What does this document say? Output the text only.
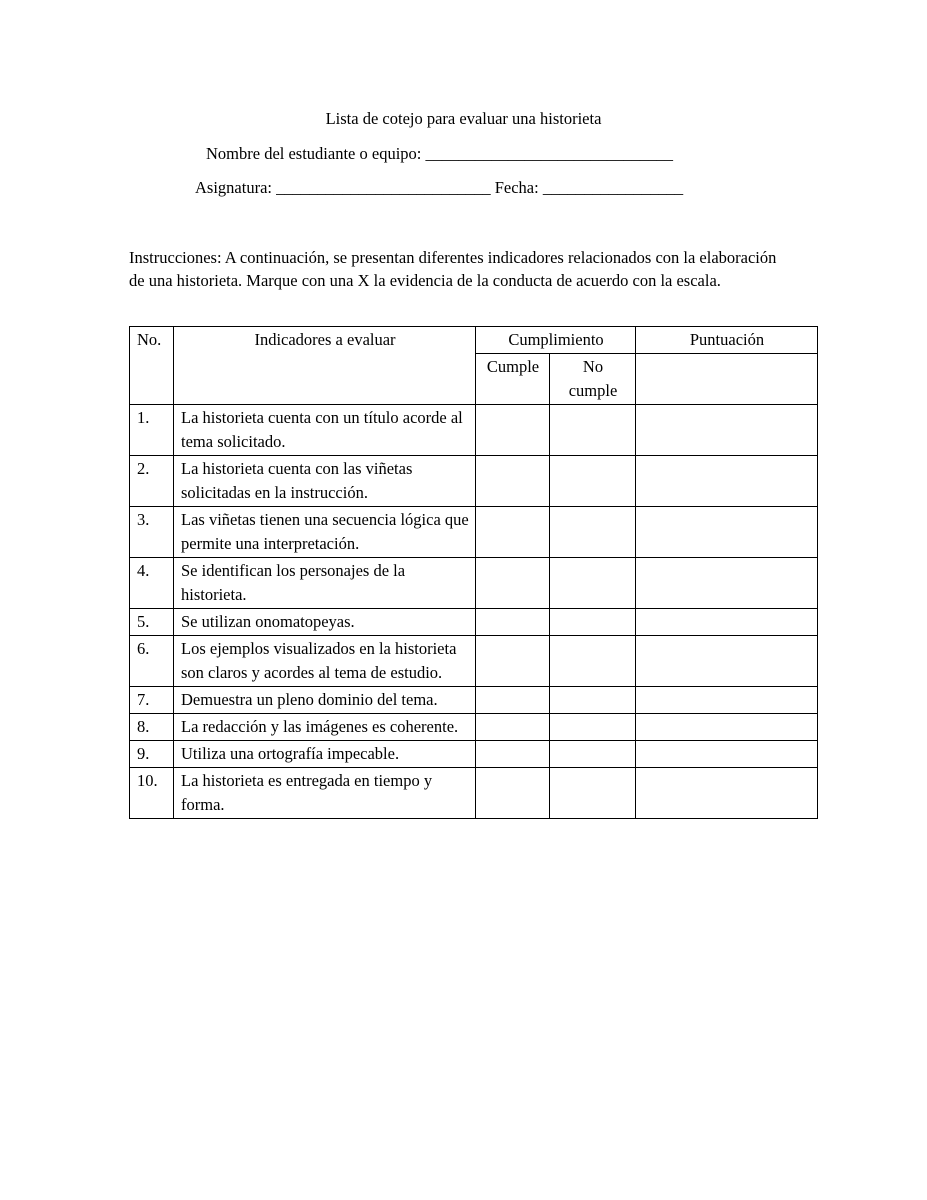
Lista de cotejo para evaluar una historieta
Nombre del estudiante o equipo: ______________________________
Asignatura: __________________________ Fecha: _________________
Instrucciones: A continuación, se presentan diferentes indicadores relacionados con la elaboración de una historieta. Marque con una X la evidencia de la conducta de acuerdo con la escala.
No.	Indicadores a evaluar	Cumplimiento		Puntuación
		Cumple	No cumple	
1.	La historieta cuenta con un título acorde al tema solicitado.			
2.	La historieta cuenta con las viñetas solicitadas en la instrucción.			
3.	Las viñetas tienen una secuencia lógica que permite una interpretación.			
4.	Se identifican los personajes de la historieta.			
5.	Se utilizan onomatopeyas.			
6.	Los ejemplos visualizados en la historieta son claros y acordes al tema de estudio.			
7.	Demuestra un pleno dominio del tema.			
8.	La redacción y las imágenes es coherente.			
9.	Utiliza una ortografía impecable.			
10.	La historieta es entregada en tiempo y forma.			
